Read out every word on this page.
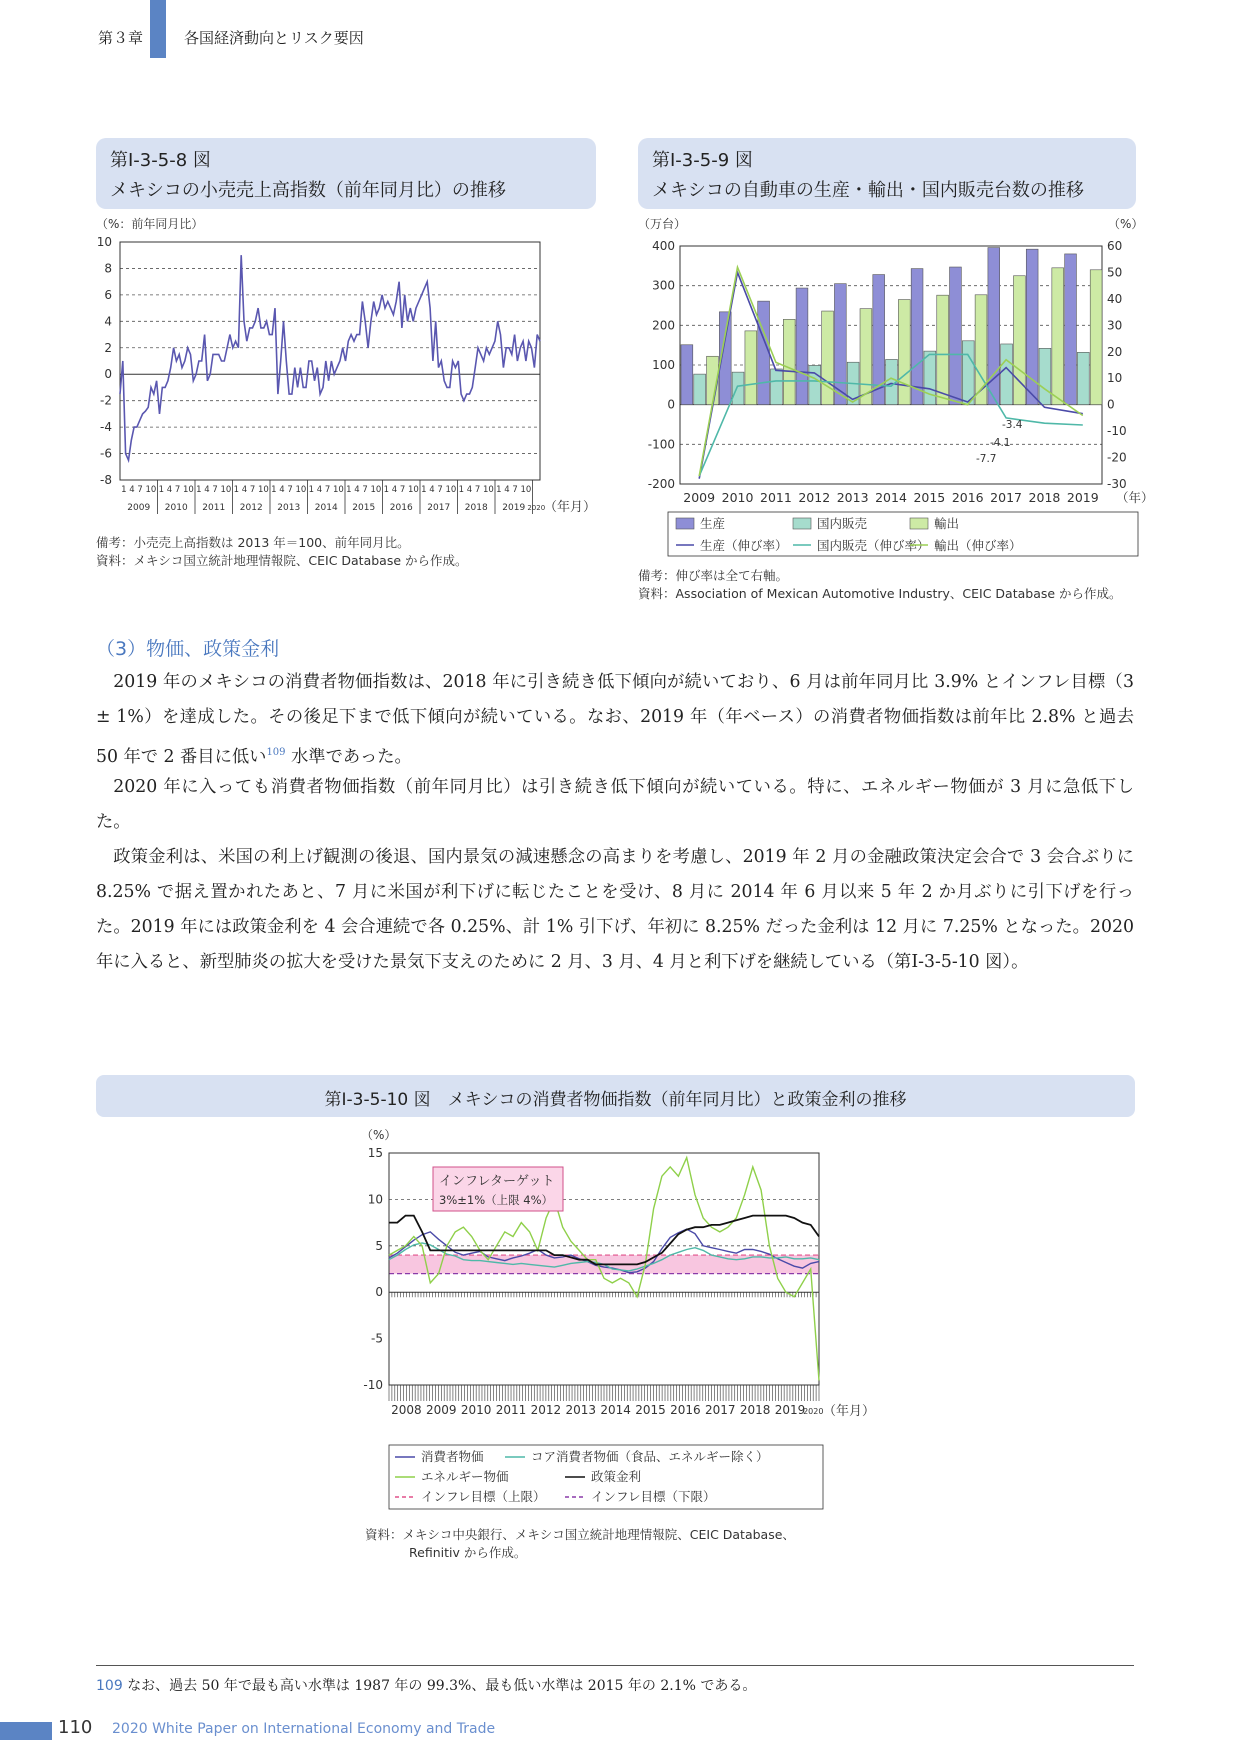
第３章	各国経済動向とリスク要因
第Ⅰ-3-5-8 図
メキシコの小売売上高指数（前年同月比）の推移
（%：前年同月比）
-8
-6
-4
-2
0
2
4
6
8
10
1 4 7 10
2009
1 4 7 10
2010
1 4 7 10
2011
1 4 7 10
2012
1 4 7 10
2013
1 4 7 10
2014
1 4 7 10
2015
1 4 7 10
2016
1 4 7 10
2017
1 4 7 10
2018
1 4 7 10
2019 2020
（年月）
備考：小売売上高指数は 2013 年＝100、前年同月比。
資料：メキシコ国立統計地理情報院、CEIC Database から作成。
第Ⅰ-3-5-9 図
メキシコの自動車の生産・輸出・国内販売台数の推移
（万台）	（%）
-200
-100
0
100
200
300
400
-30
-20
-10
0
10
20
30
40
50
60
2009 2010 2011 2012 2013 2014 2015 2016 2017 2018 2019 （年）
-7.7
-4.1
-3.4
生産
生産（伸び率）
国内販売
国内販売（伸び率）
輸出
輸出（伸び率）
備考：伸び率は全て右軸。
資料：Association of Mexican Automotive Industry、CEIC Database から作成。
（3）物価、政策金利
2019 年のメキシコの消費者物価指数は、2018 年に引き続き低下傾向が続いており、6 月は前年同月比 3.9% とインフレ目標（3 ± 1%）を達成した。その後足下まで低下傾向が続いている。なお、2019 年（年ベース）の消費者物価指数は前年比 2.8% と過去 50 年で 2 番目に低い$^{109}$ 水準であった。
2020 年に入っても消費者物価指数（前年同月比）は引き続き低下傾向が続いている。特に、エネルギー物価が 3 月に急低下した。
政策金利は、米国の利上げ観測の後退、国内景気の減速懸念の高まりを考慮し、2019 年 2 月の金融政策決定会合で 3 会合ぶりに 8.25% で据え置かれたあと、7 月に米国が利下げに転じたことを受け、8 月に 2014 年 6 月以来 5 年 2 か月ぶりに引下げを行った。2019 年には政策金利を 4 会合連続で各 0.25%、計 1% 引下げ、年初に 8.25% だった金利は 12 月に 7.25% となった。2020 年に入ると、新型肺炎の拡大を受けた景気下支えのために 2 月、3 月、4 月と利下げを継続している（第Ⅰ-3-5-10 図）。
第Ⅰ-3-5-10 図　メキシコの消費者物価指数（前年同月比）と政策金利の推移
（%）
-10
-5
0
5
10
15
2008 2009 2010 2011 2012 2013 2014 2015 2016 2017 2018 2019
2020 （年月）
インフレターゲット
3%±1%（上限 4%）
消費者物価	コア消費者物価（食品、エネルギー除く）
エネルギー物価	政策金利
インフレ目標（上限）	インフレ目標（下限）
資料：メキシコ中央銀行、メキシコ国立統計地理情報院、CEIC Database、
Refinitiv から作成。
109 なお、過去 50 年で最も高い水準は 1987 年の 99.3%、最も低い水準は 2015 年の 2.1% である。
110 2020 White Paper on International Economy and Trade
